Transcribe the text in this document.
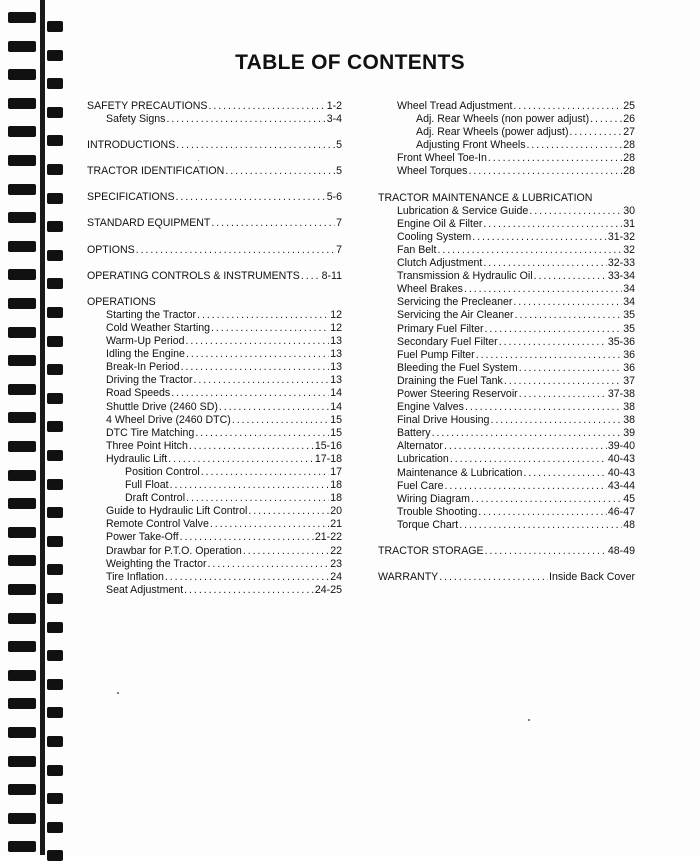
TABLE OF CONTENTS
SAFETY PRECAUTIONS . . .	1-2
Safety Signs . . .	3-4
INTRODUCTIONS . . .	5
TRACTOR IDENTIFICATION . . .	5
SPECIFICATIONS . . .	5-6
STANDARD EQUIPMENT . . .	7
OPTIONS . . .	7
OPERATING CONTROLS & INSTRUMENTS . . . 8-11
OPERATIONS
Starting the Tractor . . .	12
Cold Weather Starting . . .	12
Warm-Up Period . . .	13
Idling the Engine . . .	13
Break-In Period . . .	13
Driving the Tractor . . .	13
Road Speeds . . .	14
Shuttle Drive (2460 SD) . . .	14
4 Wheel Drive (2460 DTC) . . .	15
DTC Tire Matching . . .	15
Three Point Hitch . . .	15-16
Hydraulic Lift . . .	17-18
Position Control . . .	17
Full Float . . .	18
Draft Control . . .	18
Guide to Hydraulic Lift Control . . .	20
Remote Control Valve . . .	21
Power Take-Off . . .	21-22
Drawbar for P.T.O. Operation . . .	22
Weighting the Tractor . . .	23
Tire Inflation . . .	24
Seat Adjustment . . .	24-25
Wheel Tread Adjustment . . .	25
Adj. Rear Wheels (non power adjust) . . .	26
Adj. Rear Wheels (power adjust) . . .	27
Adjusting Front Wheels . . .	28
Front Wheel Toe-In . . .	28
Wheel Torques . . .	28
TRACTOR MAINTENANCE & LUBRICATION
Lubrication & Service Guide . . .	30
Engine Oil & Filter . . .	31
Cooling System . . .	31-32
Fan Belt . . .	32
Clutch Adjustment . . .	32-33
Transmission & Hydraulic Oil . . .	33-34
Wheel Brakes . . .	34
Servicing the Precleaner . . .	34
Servicing the Air Cleaner . . .	35
Primary Fuel Filter . . .	35
Secondary Fuel Filter . . .	35-36
Fuel Pump Filter . . .	36
Bleeding the Fuel System . . .	36
Draining the Fuel Tank . . .	37
Power Steering Reservoir . . .	37-38
Engine Valves . . .	38
Final Drive Housing . . .	38
Battery . . .	39
Alternator . . .	39-40
Lubrication . . .	40-43
Maintenance & Lubrication . . .	40-43
Fuel Care . . .	43-44
Wiring Diagram . . .	45
Trouble Shooting . . .	46-47
Torque Chart . . .	48
TRACTOR STORAGE . . .	48-49
WARRANTY . . .	Inside Back Cover
